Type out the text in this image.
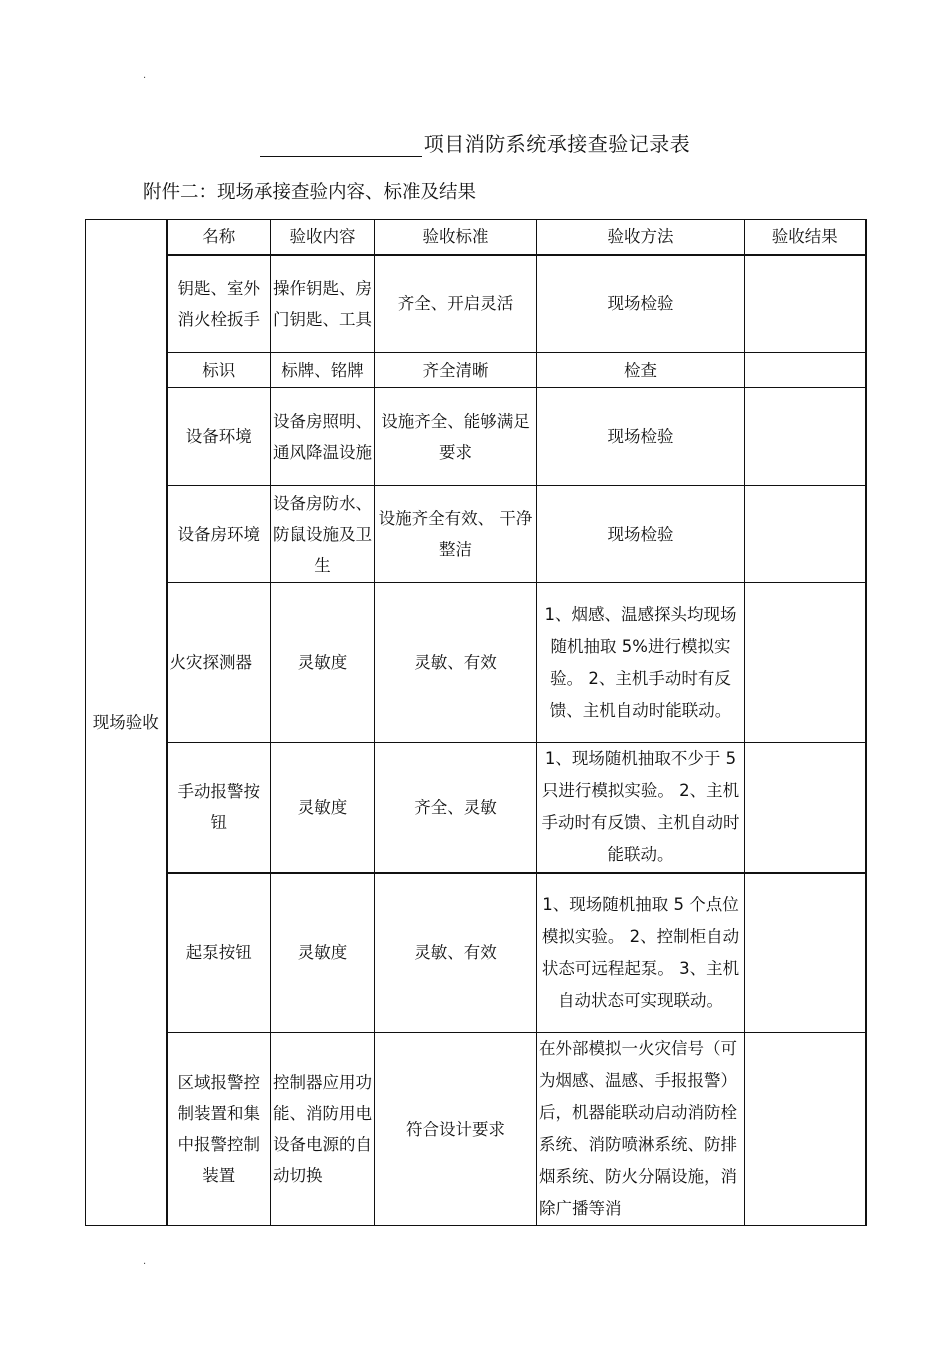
.
项目消防系统承接查验记录表
附件二：现场承接查验内容、标准及结果
现场验收	名称	验收内容	验收标准	验收方法	验收结果
	钥匙、室外消火栓扳手	操作钥匙、房门钥匙、工具	齐全、开启灵活	现场检验	
	标识	标牌、铭牌	齐全清晰	检查	
	设备环境	设备房照明、通风降温设施	设施齐全、能够满足要求	现场检验	
	设备房环境	设备房防水、防鼠设施及卫生	设施齐全有效、 干净整洁	现场检验	
	火灾探测器	灵敏度	灵敏、有效	1、烟感、温感探头均现场随机抽取 5%进行模拟实验。 2、主机手动时有反馈、主机自动时能联动。	
	手动报警按钮	灵敏度	齐全、灵敏	1、现场随机抽取不少于 5 只进行模拟实验。 2、主机手动时有反馈、主机自动时能联动。	
	起泵按钮	灵敏度	灵敏、有效	1、现场随机抽取 5 个点位模拟实验。 2、控制柜自动状态可远程起泵。 3、主机自动状态可实现联动。	
	区域报警控制装置和集中报警控制装置	控制器应用功能、消防用电设备电源的自动切换	符合设计要求	在外部模拟一火灾信号（可为烟感、温感、手报报警）后，机器能联动启动消防栓系统、消防喷淋系统、防排烟系统、防火分隔设施，消除广播等消	
.
